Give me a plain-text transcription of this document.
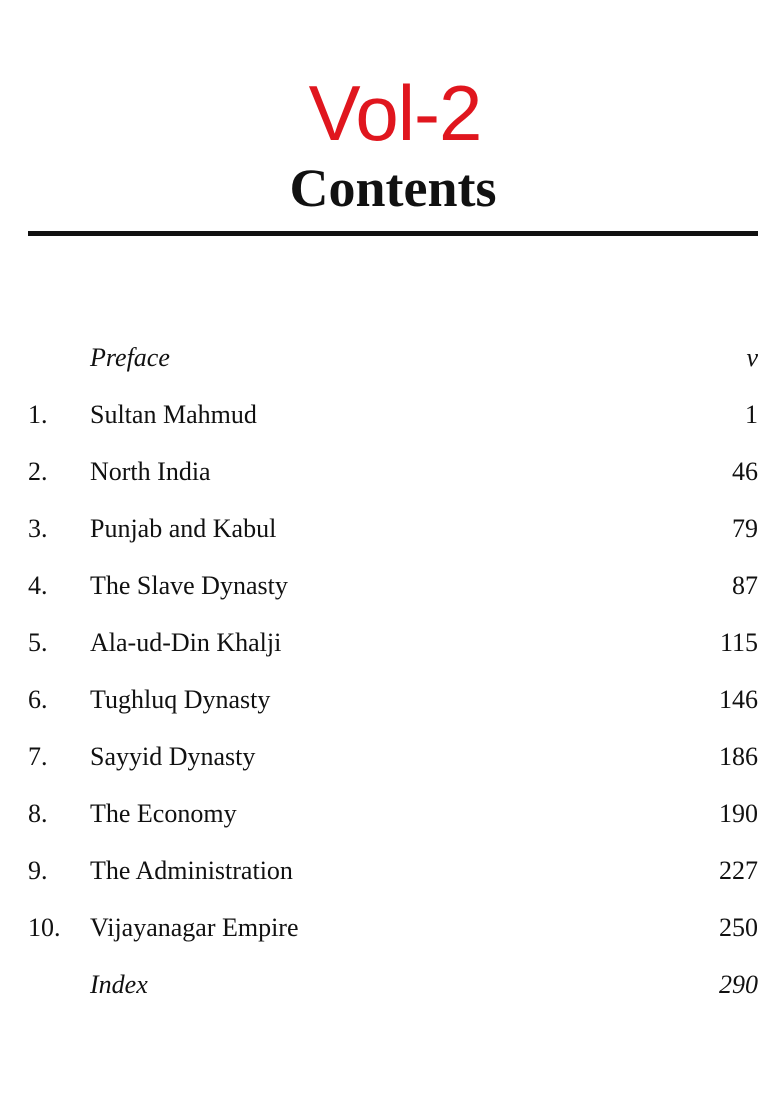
Vol-2
Contents
Preface	v
1. Sultan Mahmud	1
2. North India	46
3. Punjab and Kabul	79
4. The Slave Dynasty	87
5. Ala-ud-Din Khalji	115
6. Tughluq Dynasty	146
7. Sayyid Dynasty	186
8. The Economy	190
9. The Administration	227
10. Vijayanagar Empire	250
Index	290
